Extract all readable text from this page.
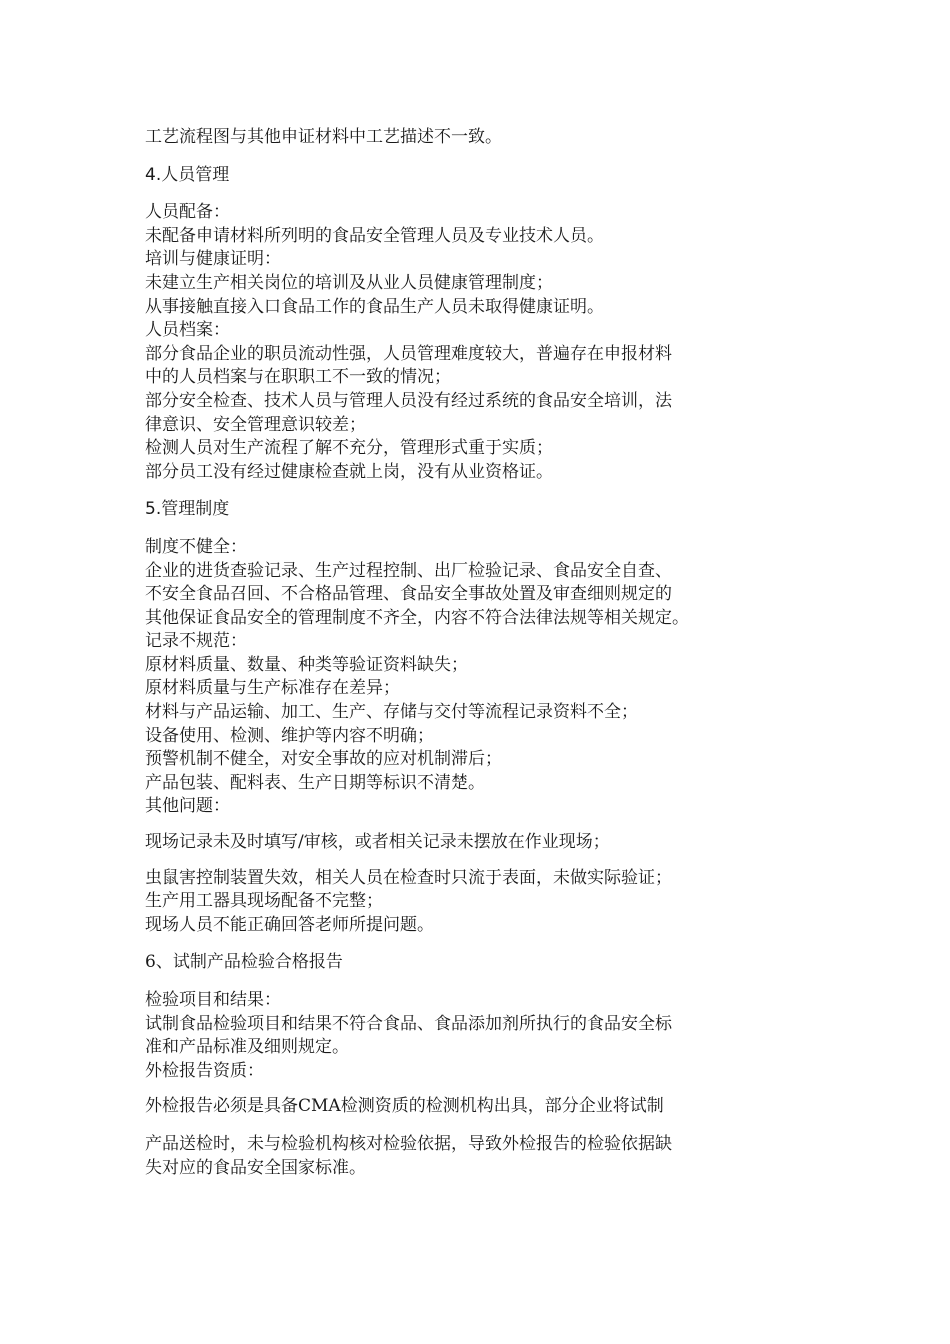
工艺流程图与其他申证材料中工艺描述不一致。
4.人员管理
人员配备：
未配备申请材料所列明的食品安全管理人员及专业技术人员。
培训与健康证明：
未建立生产相关岗位的培训及从业人员健康管理制度；
从事接触直接入口食品工作的食品生产人员未取得健康证明。
人员档案：
部分食品企业的职员流动性强，人员管理难度较大，普遍存在申报材料
中的人员档案与在职职工不一致的情况；
部分安全检查、技术人员与管理人员没有经过系统的食品安全培训，法
律意识、安全管理意识较差；
检测人员对生产流程了解不充分，管理形式重于实质；
部分员工没有经过健康检查就上岗，没有从业资格证。
5.管理制度
制度不健全：
企业的进货查验记录、生产过程控制、出厂检验记录、食品安全自查、
不安全食品召回、不合格品管理、食品安全事故处置及审查细则规定的
其他保证食品安全的管理制度不齐全，内容不符合法律法规等相关规定。
记录不规范：
原材料质量、数量、种类等验证资料缺失；
原材料质量与生产标准存在差异；
材料与产品运输、加工、生产、存储与交付等流程记录资料不全；
设备使用、检测、维护等内容不明确；
预警机制不健全，对安全事故的应对机制滞后；
产品包装、配料表、生产日期等标识不清楚。
其他问题：
现场记录未及时填写/审核，或者相关记录未摆放在作业现场；
虫鼠害控制装置失效，相关人员在检查时只流于表面，未做实际验证；
生产用工器具现场配备不完整；
现场人员不能正确回答老师所提问题。
6、试制产品检验合格报告
检验项目和结果：
试制食品检验项目和结果不符合食品、食品添加剂所执行的食品安全标
准和产品标准及细则规定。
外检报告资质：
外检报告必须是具备CMA检测资质的检测机构出具，部分企业将试制
产品送检时，未与检验机构核对检验依据，导致外检报告的检验依据缺
失对应的食品安全国家标准。
